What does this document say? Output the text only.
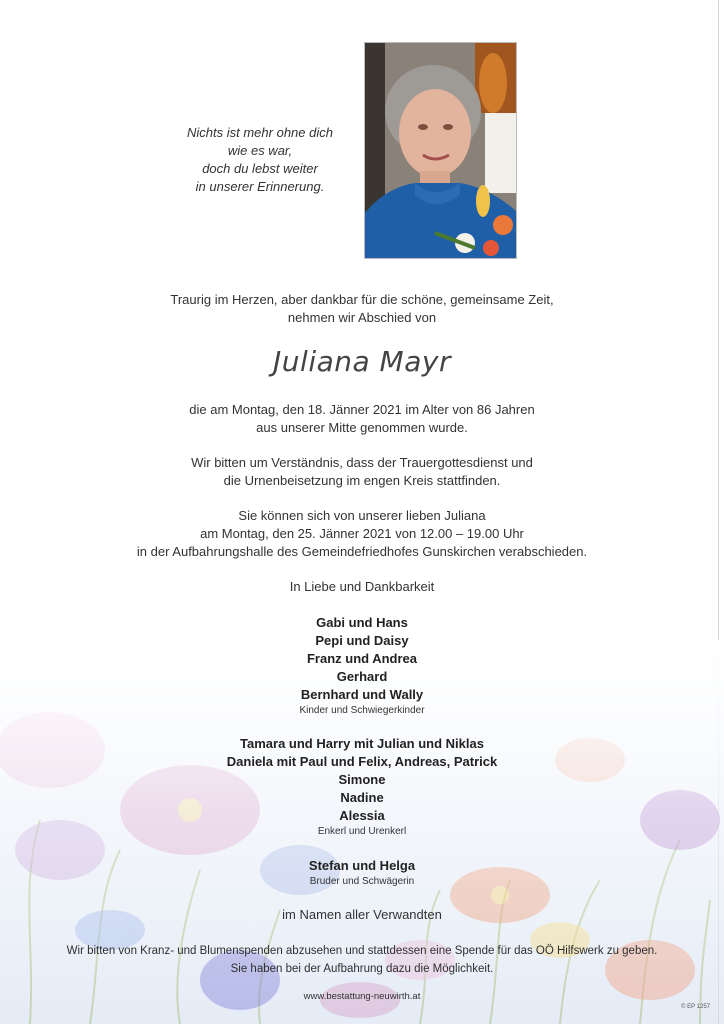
Nichts ist mehr ohne dich
wie es war,
doch du lebst weiter
in unserer Erinnerung.
Traurig im Herzen, aber dankbar für die schöne, gemeinsame Zeit,
nehmen wir Abschied von
Juliana Mayr
die am Montag, den 18. Jänner 2021 im Alter von 86 Jahren
aus unserer Mitte genommen wurde.
Wir bitten um Verständnis, dass der Trauergottesdienst und
die Urnenbeisetzung im engen Kreis stattfinden.
Sie können sich von unserer lieben Juliana
am Montag, den 25. Jänner 2021 von 12.00 – 19.00 Uhr
in der Aufbahrungshalle des Gemeindefriedhofes Gunskirchen verabschieden.
In Liebe und Dankbarkeit
Gabi und Hans
Pepi und Daisy
Franz und Andrea
Gerhard
Bernhard und Wally
Kinder und Schwiegerkinder
Tamara und Harry mit Julian und Niklas
Daniela mit Paul und Felix, Andreas, Patrick
Simone
Nadine
Alessia
Enkerl und Urenkerl
Stefan und Helga
Bruder und Schwägerin
im Namen aller Verwandten
Wir bitten von Kranz- und Blumenspenden abzusehen und stattdessen eine Spende für das OÖ Hilfswerk zu geben.
Sie haben bei der Aufbahrung dazu die Möglichkeit.
www.bestattung-neuwirth.at
© EP 1257
